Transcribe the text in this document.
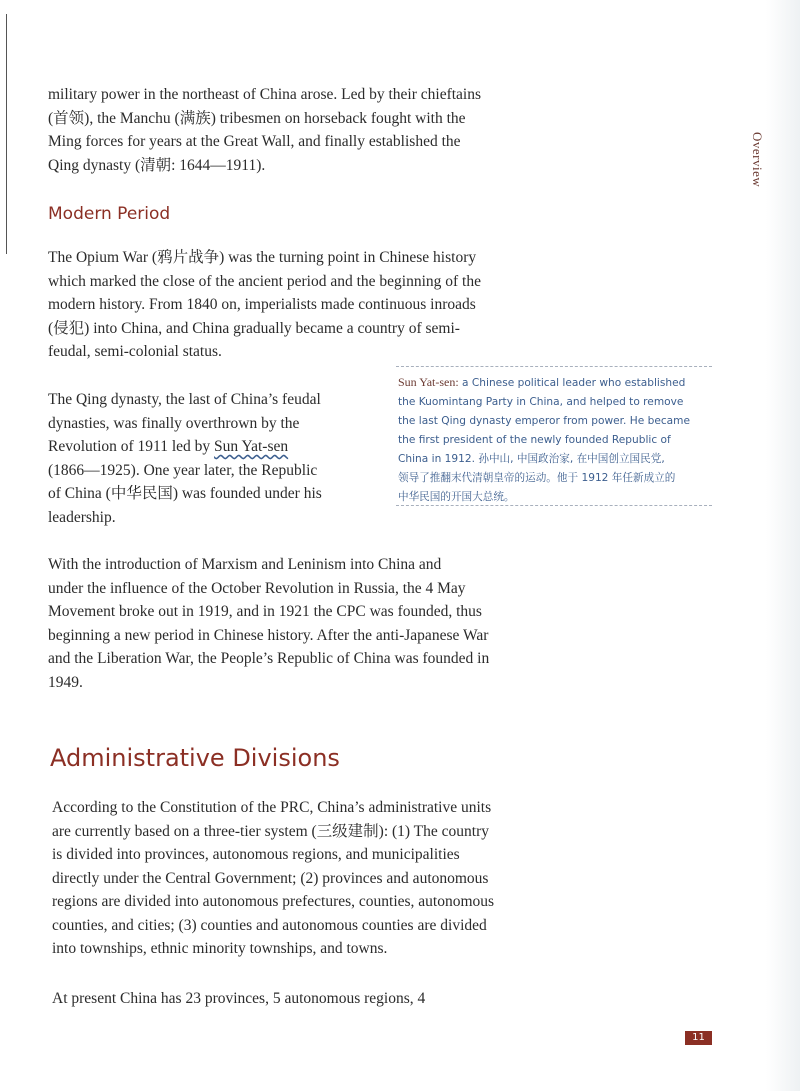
Overview

military power in the northeast of China arose. Led by their chieftains
(首领), the Manchu (满族) tribesmen on horseback fought with the
Ming forces for years at the Great Wall, and finally established the
Qing dynasty (清朝: 1644—1911).

Modern Period

The Opium War (鸦片战争) was the turning point in Chinese history
which marked the close of the ancient period and the beginning of the
modern history. From 1840 on, imperialists made continuous inroads
(侵犯) into China, and China gradually became a country of semi-
feudal, semi-colonial status.

The Qing dynasty, the last of China’s feudal
dynasties, was finally overthrown by the
Revolution of 1911 led by Sun Yat-sen
(1866—1925). One year later, the Republic
of China (中华民国) was founded under his
leadership.

Sun Yat-sen: a Chinese political leader who established
the Kuomintang Party in China, and helped to remove
the last Qing dynasty emperor from power. He became
the first president of the newly founded Republic of
China in 1912. 孙中山, 中国政治家, 在中国创立国民党,
领导了推翻末代清朝皇帝的运动。他于 1912 年任新成立的
中华民国的开国大总统。

With the introduction of Marxism and Leninism into China and
under the influence of the October Revolution in Russia, the 4 May
Movement broke out in 1919, and in 1921 the CPC was founded, thus
beginning a new period in Chinese history. After the anti-Japanese War
and the Liberation War, the People’s Republic of China was founded in
1949.

Administrative Divisions

According to the Constitution of the PRC, China’s administrative units
are currently based on a three-tier system (三级建制): (1) The country
is divided into provinces, autonomous regions, and municipalities
directly under the Central Government; (2) provinces and autonomous
regions are divided into autonomous prefectures, counties, autonomous
counties, and cities; (3) counties and autonomous counties are divided
into townships, ethnic minority townships, and towns.

At present China has 23 provinces, 5 autonomous regions, 4

11
